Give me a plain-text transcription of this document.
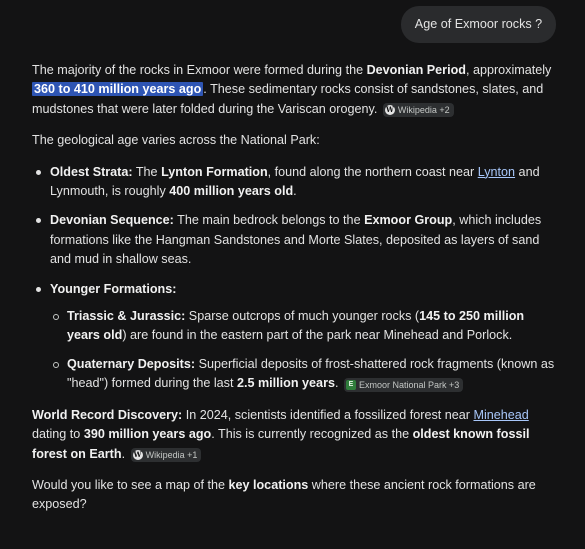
Age of Exmoor rocks ?

The majority of the rocks in Exmoor were formed during the Devonian Period, approximately 360 to 410 million years ago . These sedimentary rocks consist of sandstones, slates, and mudstones that were later folded during the Variscan orogeny. W Wikipedia +2

The geological age varies across the National Park:

Oldest Strata: The Lynton Formation, found along the northern coast near Lynton and Lynmouth, is roughly 400 million years old.
Devonian Sequence: The main bedrock belongs to the Exmoor Group, which includes formations like the Hangman Sandstones and Morte Slates, deposited as layers of sand and mud in shallow seas.
Younger Formations:
Triassic & Jurassic: Sparse outcrops of much younger rocks (145 to 250 million years old) are found in the eastern part of the park near Minehead and Porlock.
Quaternary Deposits: Superficial deposits of frost-shattered rock fragments (known as "head") formed during the last 2.5 million years.	E Exmoor National Park +3

World Record Discovery: In 2024, scientists identified a fossilized forest near Minehead dating to 390 million years ago. This is currently recognized as the oldest known fossil forest on Earth. W Wikipedia +1

Would you like to see a map of the key locations where these ancient rock formations are exposed?
